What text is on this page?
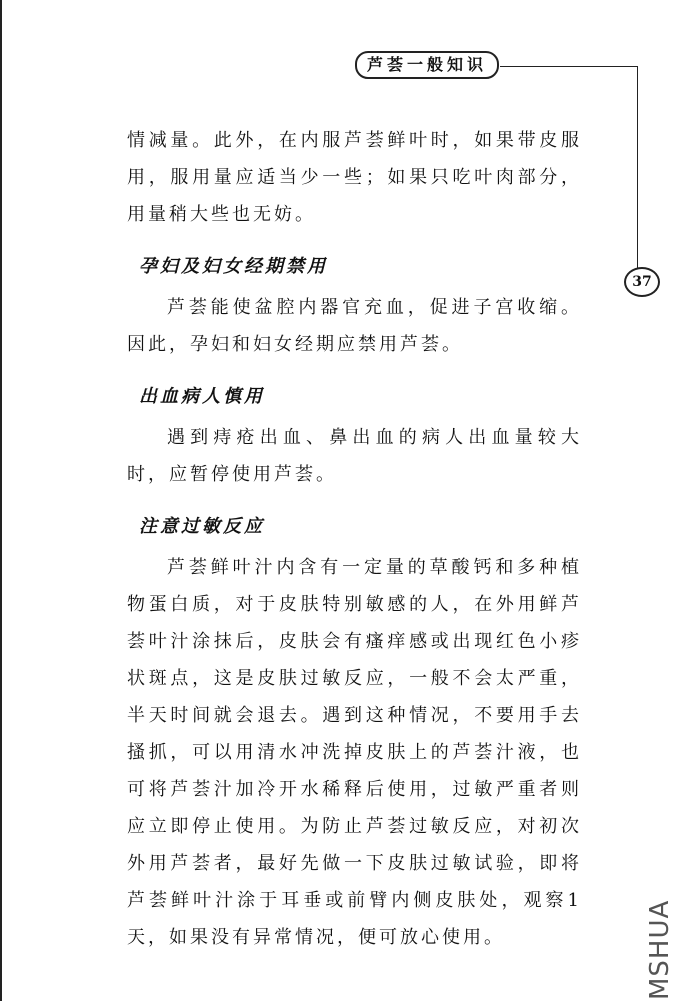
芦荟一般知识
37

情减量。此外，在内服芦荟鲜叶时，如果带皮服用，服用量应适当少一些；如果只吃叶肉部分，用量稍大些也无妨。

孕妇及妇女经期禁用

芦荟能使盆腔内器官充血，促进子宫收缩。因此，孕妇和妇女经期应禁用芦荟。

出血病人慎用

遇到痔疮出血、鼻出血的病人出血量较大时，应暂停使用芦荟。

注意过敏反应

芦荟鲜叶汁内含有一定量的草酸钙和多种植物蛋白质，对于皮肤特别敏感的人，在外用鲜芦荟叶汁涂抹后，皮肤会有瘙痒感或出现红色小疹状斑点，这是皮肤过敏反应，一般不会太严重，半天时间就会退去。遇到这种情况，不要用手去搔抓，可以用清水冲洗掉皮肤上的芦荟汁液，也可将芦荟汁加冷开水稀释后使用，过敏严重者则应立即停止使用。为防止芦荟过敏反应，对初次外用芦荟者，最好先做一下皮肤过敏试验，即将芦荟鲜叶汁涂于耳垂或前臂内侧皮肤处，观察1天，如果没有异常情况，便可放心使用。	MSHUA
